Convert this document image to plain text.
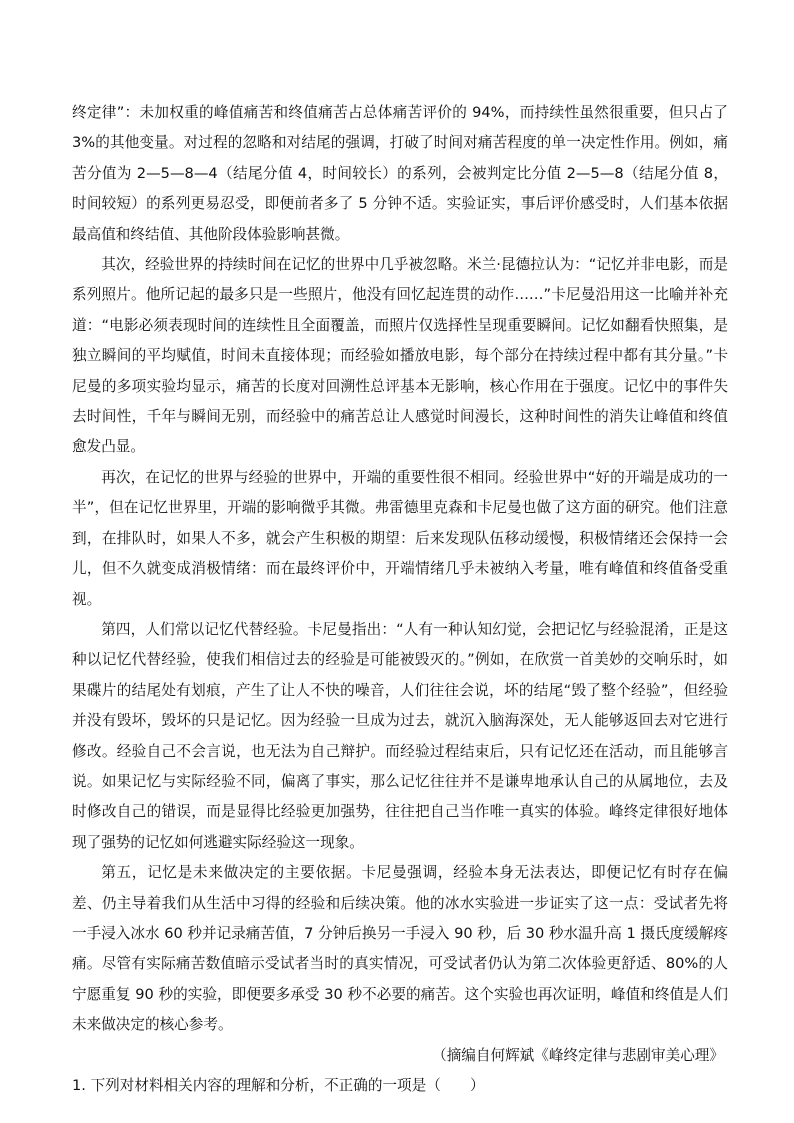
终定律”：未加权重的峰值痛苦和终值痛苦占总体痛苦评价的 94%，而持续性虽然很重要，但只占了 3%的其他变量。对过程的忽略和对结尾的强调，打破了时间对痛苦程度的单一决定性作用。例如，痛苦分值为 2—5—8—4（结尾分值 4，时间较长）的系列，会被判定比分值 2—5—8（结尾分值 8，时间较短）的系列更易忍受，即便前者多了 5 分钟不适。实验证实，事后评价感受时，人们基本依据最高值和终结值、其他阶段体验影响甚微。

其次，经验世界的持续时间在记忆的世界中几乎被忽略。米兰·昆德拉认为：“记忆并非电影，而是系列照片。他所记起的最多只是一些照片，他没有回忆起连贯的动作……”卡尼曼沿用这一比喻并补充道：“电影必须表现时间的连续性且全面覆盖，而照片仅选择性呈现重要瞬间。记忆如翻看快照集，是独立瞬间的平均赋值，时间未直接体现；而经验如播放电影，每个部分在持续过程中都有其分量。”卡尼曼的多项实验均显示，痛苦的长度对回溯性总评基本无影响，核心作用在于强度。记忆中的事件失去时间性，千年与瞬间无别，而经验中的痛苦总让人感觉时间漫长，这种时间性的消失让峰值和终值愈发凸显。

再次，在记忆的世界与经验的世界中，开端的重要性很不相同。经验世界中“好的开端是成功的一半”，但在记忆世界里，开端的影响微乎其微。弗雷德里克森和卡尼曼也做了这方面的研究。他们注意到，在排队时，如果人不多，就会产生积极的期望：后来发现队伍移动缓慢，积极情绪还会保持一会儿，但不久就变成消极情绪：而在最终评价中，开端情绪几乎未被纳入考量，唯有峰值和终值备受重视。

第四，人们常以记忆代替经验。卡尼曼指出：“人有一种认知幻觉，会把记忆与经验混淆，正是这种以记忆代替经验，使我们相信过去的经验是可能被毁灭的。”例如，在欣赏一首美妙的交响乐时，如果碟片的结尾处有划痕，产生了让人不快的噪音，人们往往会说，坏的结尾“毁了整个经验”，但经验并没有毁坏，毁坏的只是记忆。因为经验一旦成为过去，就沉入脑海深处，无人能够返回去对它进行修改。经验自己不会言说，也无法为自己辩护。而经验过程结束后，只有记忆还在活动，而且能够言说。如果记忆与实际经验不同，偏离了事实，那么记忆往往并不是谦卑地承认自己的从属地位，去及时修改自己的错误，而是显得比经验更加强势，往往把自己当作唯一真实的体验。峰终定律很好地体现了强势的记忆如何逃避实际经验这一现象。

第五，记忆是未来做决定的主要依据。卡尼曼强调，经验本身无法表达，即便记忆有时存在偏差、仍主导着我们从生活中习得的经验和后续决策。他的冰水实验进一步证实了这一点：受试者先将一手浸入冰水 60 秒并记录痛苦值，7 分钟后换另一手浸入 90 秒，后 30 秒水温升高 1 摄氏度缓解疼痛。尽管有实际痛苦数值暗示受试者当时的真实情况，可受试者仍认为第二次体验更舒适、80%的人宁愿重复 90 秒的实验，即便要多承受 30 秒不必要的痛苦。这个实验也再次证明，峰值和终值是人们未来做决定的核心参考。

（摘编自何辉斌《峰终定律与悲剧审美心理》

1. 下列对材料相关内容的理解和分析，不正确的一项是（　　）
